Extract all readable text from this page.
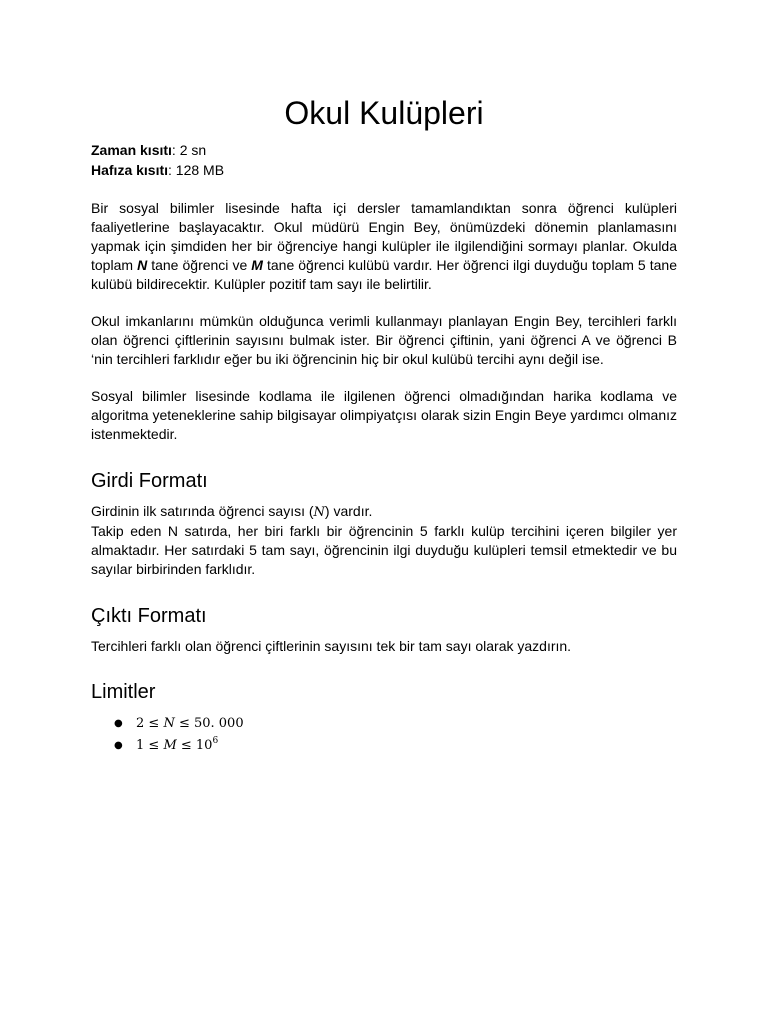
Okul Kulüpleri
Zaman kısıtı: 2 sn
Hafıza kısıtı: 128 MB

Bir sosyal bilimler lisesinde hafta içi dersler tamamlandıktan sonra öğrenci kulüpleri faaliyetlerine başlayacaktır. Okul müdürü Engin Bey, önümüzdeki dönemin planlamasını yapmak için şimdiden her bir öğrenciye hangi kulüpler ile ilgilendiğini sormayı planlar. Okulda toplam N tane öğrenci ve M tane öğrenci kulübü vardır. Her öğrenci ilgi duyduğu toplam 5 tane kulübü bildirecektir. Kulüpler pozitif tam sayı ile belirtilir.

Okul imkanlarını mümkün olduğunca verimli kullanmayı planlayan Engin Bey, tercihleri farklı olan öğrenci çiftlerinin sayısını bulmak ister. Bir öğrenci çiftinin, yani öğrenci A ve öğrenci B ‘nin tercihleri farklıdır eğer bu iki öğrencinin hiç bir okul kulübü tercihi aynı değil ise.

Sosyal bilimler lisesinde kodlama ile ilgilenen öğrenci olmadığından harika kodlama ve algoritma yeteneklerine sahip bilgisayar olimpiyatçısı olarak sizin Engin Beye yardımcı olmanız istenmektedir.

Girdi Formatı

Girdinin ilk satırında öğrenci sayısı (N) vardır.

Takip eden N satırda, her biri farklı bir öğrencinin 5 farklı kulüp tercihini içeren bilgiler yer almaktadır. Her satırdaki 5 tam sayı, öğrencinin ilgi duyduğu kulüpleri temsil etmektedir ve bu sayılar birbirinden farklıdır.

Çıktı Formatı

Tercihleri farklı olan öğrenci çiftlerinin sayısını tek bir tam sayı olarak yazdırın.

Limitler
● 2 ≤ N ≤ 50. 000
● $1 \le M \le 10^6$
